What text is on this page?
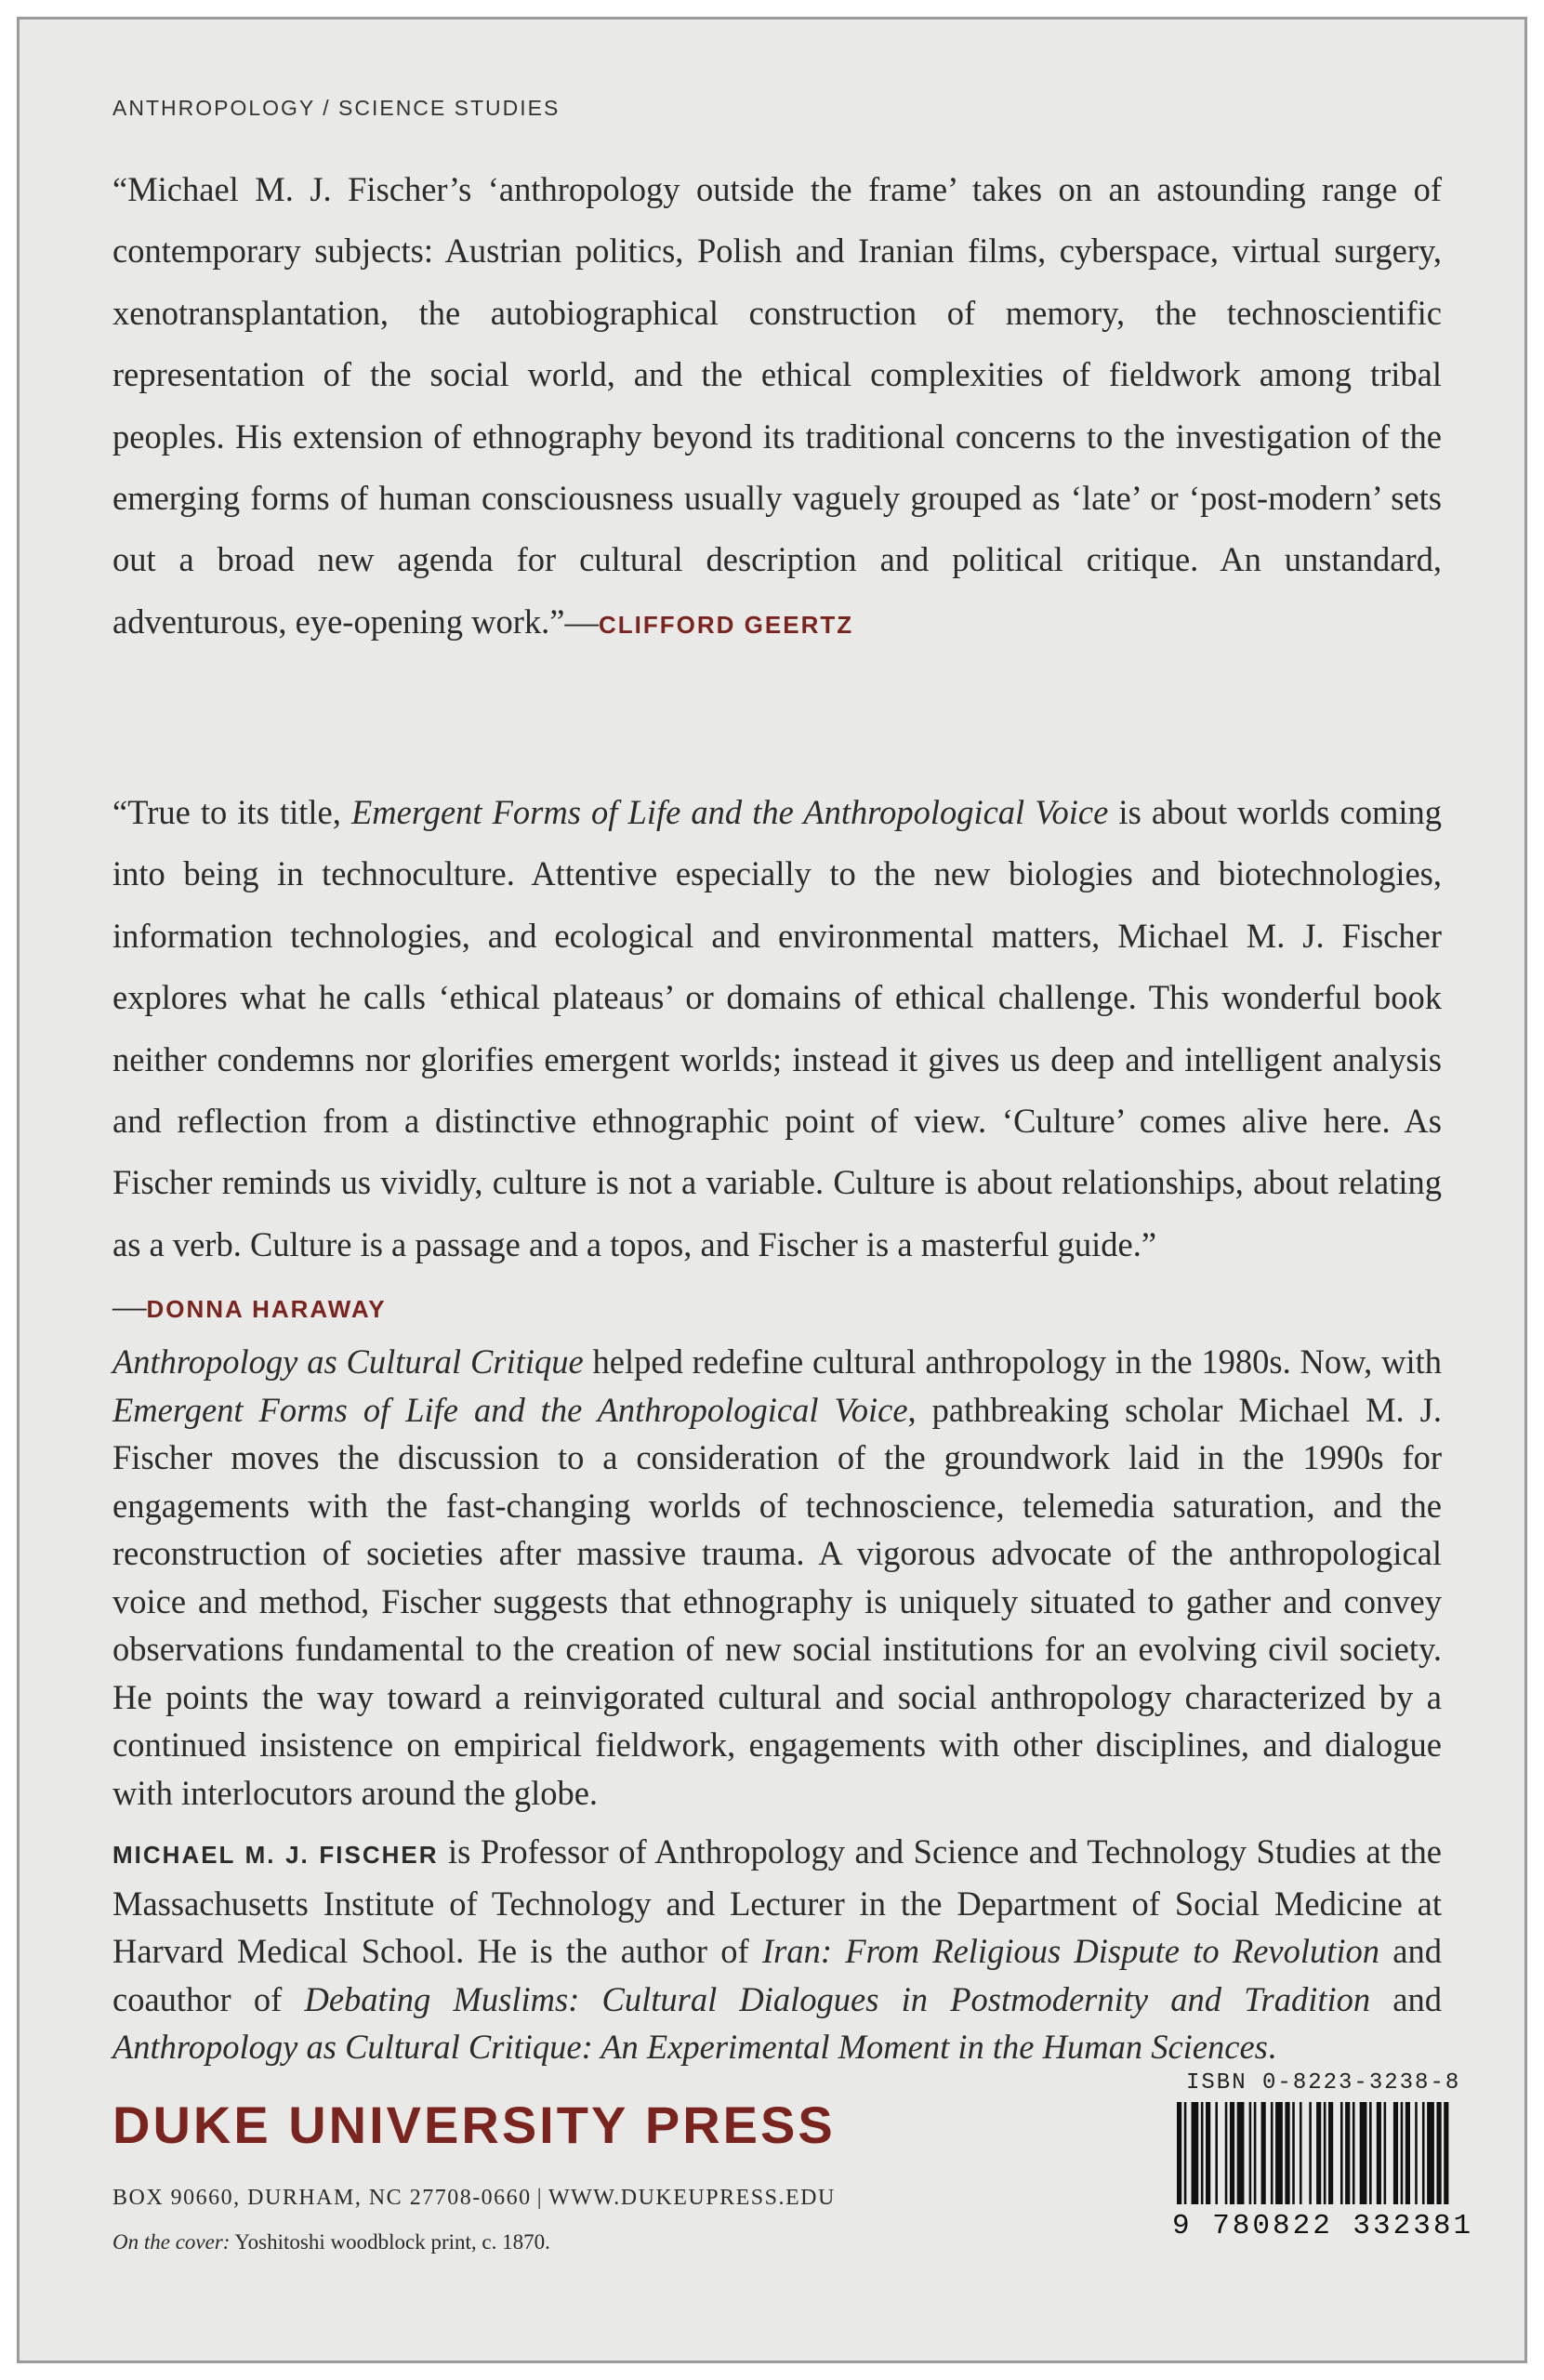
ANTHROPOLOGY / SCIENCE STUDIES

“Michael M. J. Fischer’s ‘anthropology outside the frame’ takes on an astounding range of contemporary subjects: Austrian politics, Polish and Iranian films, cyberspace, virtual surgery, xenotransplantation, the autobiographical construction of memory, the technoscientific representation of the social world, and the ethical complexities of fieldwork among tribal peoples. His extension of ethnography beyond its traditional concerns to the investigation of the emerging forms of human consciousness usually vaguely grouped as ‘late’ or ‘post-modern’ sets out a broad new agenda for cultural description and political critique. An unstandard, adventurous, eye-opening work.”—CLIFFORD GEERTZ

“True to its title, Emergent Forms of Life and the Anthropological Voice is about worlds coming into being in technoculture. Attentive especially to the new biologies and biotechnologies, information technologies, and ecological and environmental matters, Michael M. J. Fischer explores what he calls ‘ethical plateaus’ or domains of ethical challenge. This wonderful book neither condemns nor glorifies emergent worlds; instead it gives us deep and intelligent analysis and reflection from a distinctive ethnographic point of view. ‘Culture’ comes alive here. As Fischer reminds us vividly, culture is not a variable. Culture is about relationships, about relating as a verb. Culture is a passage and a topos, and Fischer is a masterful guide.”
—DONNA HARAWAY

Anthropology as Cultural Critique helped redefine cultural anthropology in the 1980s. Now, with Emergent Forms of Life and the Anthropological Voice, pathbreaking scholar Michael M. J. Fischer moves the discussion to a consideration of the groundwork laid in the 1990s for engagements with the fast-changing worlds of technoscience, telemedia saturation, and the reconstruction of societies after massive trauma. A vigorous advocate of the anthropological voice and method, Fischer suggests that ethnography is uniquely situated to gather and convey observations fundamental to the creation of new social institutions for an evolving civil society. He points the way toward a reinvigorated cultural and social anthropology characterized by a continued insistence on empirical fieldwork, engagements with other disciplines, and dialogue with interlocutors around the globe.

MICHAEL M. J. FISCHER is Professor of Anthropology and Science and Technology Studies at the Massachusetts Institute of Technology and Lecturer in the Department of Social Medicine at Harvard Medical School. He is the author of Iran: From Religious Dispute to Revolution and coauthor of Debating Muslims: Cultural Dialogues in Postmodernity and Tradition and Anthropology as Cultural Critique: An Experimental Moment in the Human Sciences.

DUKE UNIVERSITY PRESS
BOX 90660, DURHAM, NC 27708-0660 | WWW.DUKEUPRESS.EDU
On the cover: Yoshitoshi woodblock print, c. 1870.
ISBN 0-8223-3238-8
9 780822 332381
